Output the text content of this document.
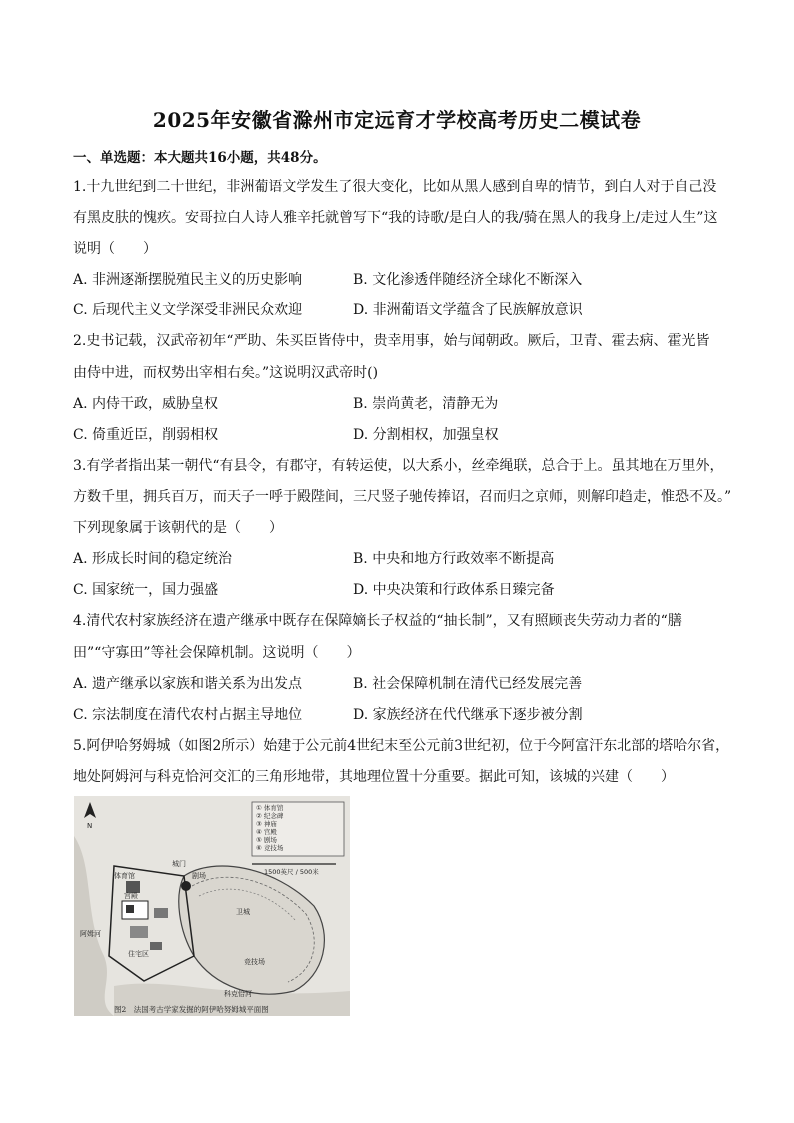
2025年安徽省滁州市定远育才学校高考历史二模试卷
一、单选题：本大题共16小题，共48分。
1.十九世纪到二十世纪，非洲葡语文学发生了很大变化，比如从黑人感到自卑的情节，到白人对于自己没
有黑皮肤的愧疚。安哥拉白人诗人雅辛托就曾写下“我的诗歌/是白人的我/骑在黑人的我身上/走过人生”这
说明（　　）
A. 非洲逐渐摆脱殖民主义的历史影响	B. 文化渗透伴随经济全球化不断深入
C. 后现代主义文学深受非洲民众欢迎	D. 非洲葡语文学蕴含了民族解放意识
2.史书记载，汉武帝初年“严助、朱买臣皆侍中，贵幸用事，始与闻朝政。厥后，卫青、霍去病、霍光皆
由侍中进，而权势出宰相右矣。”这说明汉武帝时()
A. 内侍干政，威胁皇权	B. 崇尚黄老，清静无为
C. 倚重近臣，削弱相权	D. 分割相权，加强皇权
3.有学者指出某一朝代“有县令，有郡守，有转运使，以大系小，丝牵绳联，总合于上。虽其地在万里外，
方数千里，拥兵百万，而天子一呼于殿陛间，三尺竖子驰传捧诏，召而归之京师，则解印趋走，惟恐不及。”
下列现象属于该朝代的是（　　）
A. 形成长时间的稳定统治	B. 中央和地方行政效率不断提高
C. 国家统一，国力强盛	D. 中央决策和行政体系日臻完备
4.清代农村家族经济在遗产继承中既存在保障嫡长子权益的“抽长制”，又有照顾丧失劳动力者的“膳
田”“守寡田”等社会保障机制。这说明（　　）
A. 遗产继承以家族和谐关系为出发点	B. 社会保障机制在清代已经发展完善
C. 宗法制度在清代农村占据主导地位	D. 家族经济在代代继承下逐步被分割
5.阿伊哈努姆城（如图2所示）始建于公元前4世纪末至公元前3世纪初，位于今阿富汗东北部的塔哈尔省，
地处阿姆河与科克恰河交汇的三角形地带，其地理位置十分重要。据此可知，该城的兴建（　　）
① 体育馆
② 纪念碑
③ 神庙
④ 宫殿
⑤ 剧场
⑥ 竞技场
N
1500英尺 / 500米
剧场
卫城
竞技场
住宅区
体育馆
宫殿
科克恰河
阿姆河
城门
图2　法国考古学家发掘的阿伊哈努姆城平面图
